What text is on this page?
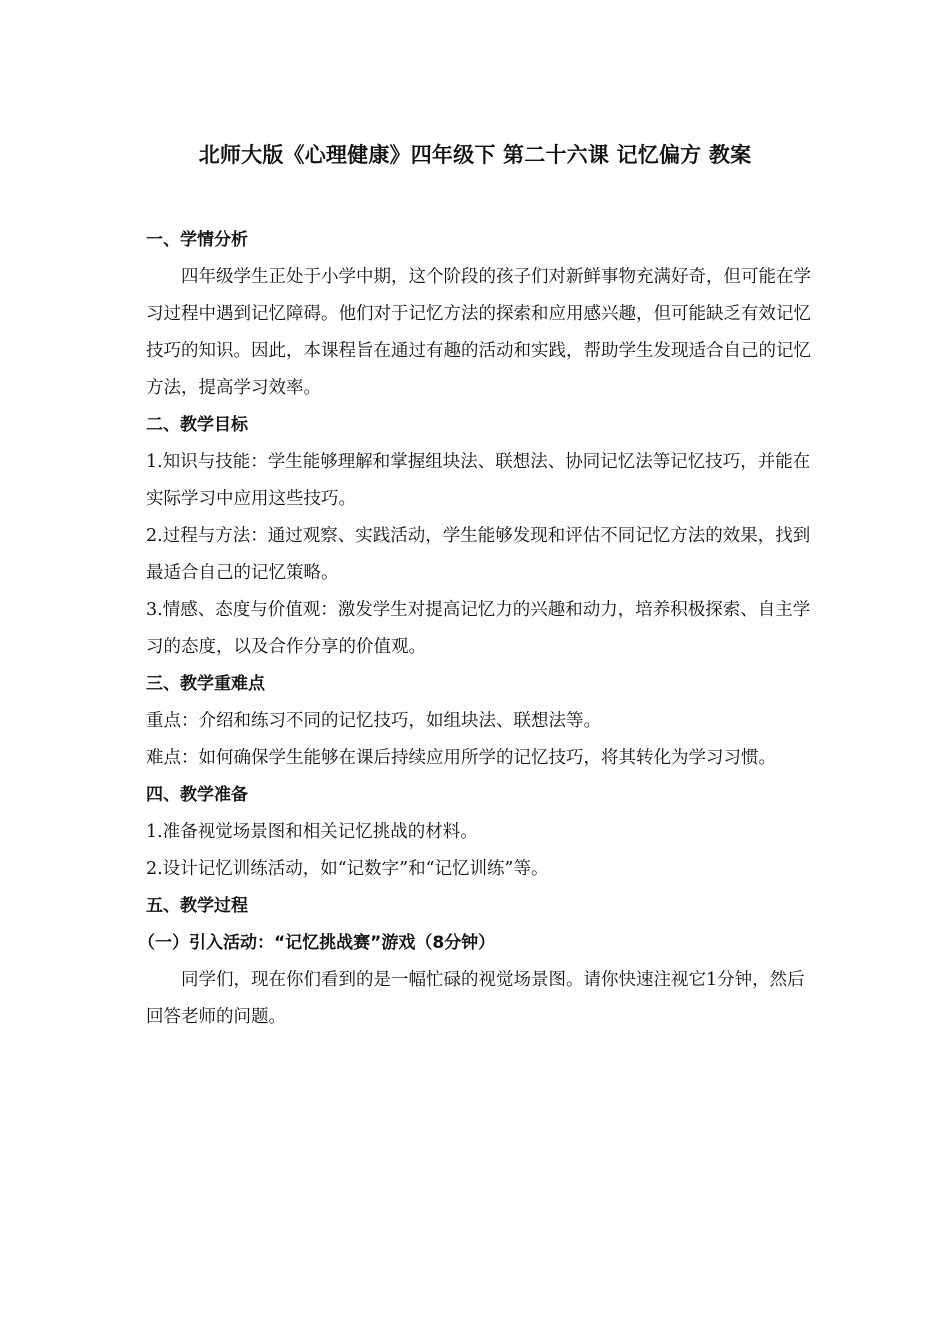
北师大版《心理健康》四年级下 第二十六课 记忆偏方 教案

一、学情分析

四年级学生正处于小学中期，这个阶段的孩子们对新鲜事物充满好奇，但可能在学习过程中遇到记忆障碍。他们对于记忆方法的探索和应用感兴趣，但可能缺乏有效记忆技巧的知识。因此，本课程旨在通过有趣的活动和实践，帮助学生发现适合自己的记忆方法，提高学习效率。

二、教学目标

1.知识与技能：学生能够理解和掌握组块法、联想法、协同记忆法等记忆技巧，并能在实际学习中应用这些技巧。

2.过程与方法：通过观察、实践活动，学生能够发现和评估不同记忆方法的效果，找到最适合自己的记忆策略。

3.情感、态度与价值观：激发学生对提高记忆力的兴趣和动力，培养积极探索、自主学习的态度，以及合作分享的价值观。

三、教学重难点

重点：介绍和练习不同的记忆技巧，如组块法、联想法等。

难点：如何确保学生能够在课后持续应用所学的记忆技巧，将其转化为学习习惯。

四、教学准备

1.准备视觉场景图和相关记忆挑战的材料。

2.设计记忆训练活动，如“记数字”和“记忆训练”等。

五、教学过程

（一）引入活动：“记忆挑战赛”游戏（8分钟）

同学们，现在你们看到的是一幅忙碌的视觉场景图。请你快速注视它1分钟，然后回答老师的问题。
